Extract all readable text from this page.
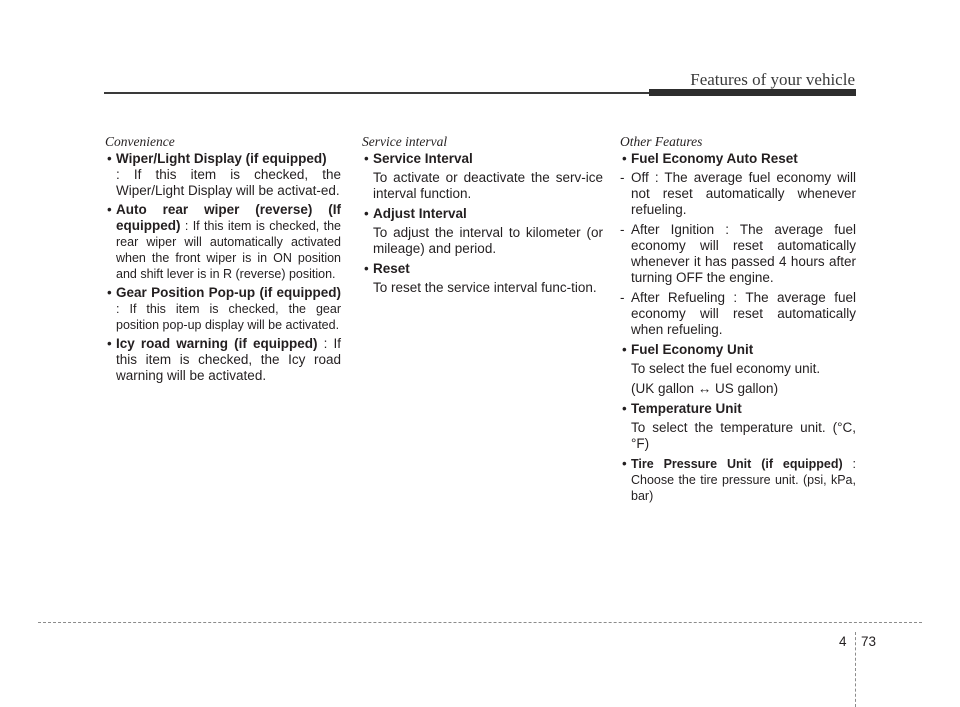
Features of your vehicle
Convenience
• Wiper/Light Display (if equipped)
: If this item is checked, the Wiper/Light Display will be activat-ed.
• Auto rear wiper (reverse) (If equipped) : If this item is checked, the rear wiper will automatically activated when the front wiper is in ON position and shift lever is in R (reverse) position.
• Gear Position Pop-up (if equipped) : If this item is checked, the gear position pop-up display will be activated.
• Icy road warning (if equipped) : If this item is checked, the Icy road warning will be activated.
Service interval
• Service Interval
To activate or deactivate the serv-ice interval function.
• Adjust Interval
To adjust the interval to kilometer (or mileage) and period.
• Reset
To reset the service interval func-tion.
Other Features
• Fuel Economy Auto Reset
- Off : The average fuel economy will not reset automatically whenever refueling.
- After Ignition : The average fuel economy will reset automatically whenever it has passed 4 hours after turning OFF the engine.
- After Refueling : The average fuel economy will reset automatically when refueling.
• Fuel Economy Unit
To select the fuel economy unit.
(UK gallon ↔ US gallon)
• Temperature Unit
To select the temperature unit. (°C,°F)
• Tire Pressure Unit (if equipped) : Choose the tire pressure unit. (psi, kPa, bar)
4 73
